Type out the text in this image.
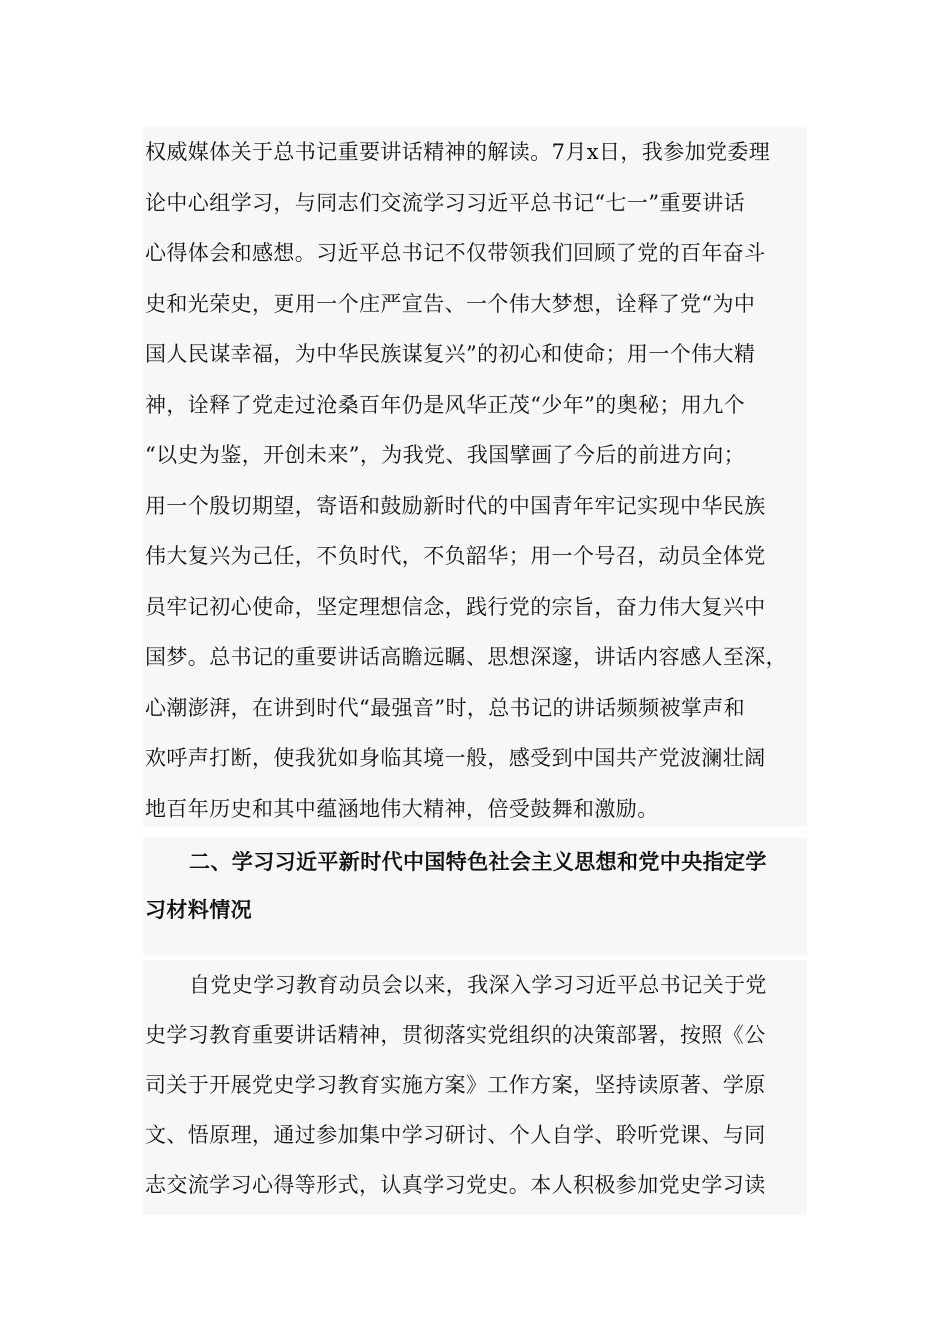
权威媒体关于总书记重要讲话精神的解读。7月x日，我参加党委理
论中心组学习，与同志们交流学习习近平总书记“七一”重要讲话
心得体会和感想。习近平总书记不仅带领我们回顾了党的百年奋斗
史和光荣史，更用一个庄严宣告、一个伟大梦想，诠释了党“为中
国人民谋幸福，为中华民族谋复兴”的初心和使命；用一个伟大精
神，诠释了党走过沧桑百年仍是风华正茂“少年”的奥秘；用九个
“以史为鉴，开创未来”，为我党、我国擘画了今后的前进方向；
用一个殷切期望，寄语和鼓励新时代的中国青年牢记实现中华民族
伟大复兴为己任，不负时代，不负韶华；用一个号召，动员全体党
员牢记初心使命，坚定理想信念，践行党的宗旨，奋力伟大复兴中
国梦。总书记的重要讲话高瞻远瞩、思想深邃，讲话内容感人至深，
心潮澎湃，在讲到时代“最强音”时，总书记的讲话频频被掌声和
欢呼声打断，使我犹如身临其境一般，感受到中国共产党波澜壮阔
地百年历史和其中蕴涵地伟大精神，倍受鼓舞和激励。
二、学习习近平新时代中国特色社会主义思想和党中央指定学
习材料情况
自党史学习教育动员会以来，我深入学习习近平总书记关于党
史学习教育重要讲话精神，贯彻落实党组织的决策部署，按照《公
司关于开展党史学习教育实施方案》工作方案，坚持读原著、学原
文、悟原理，通过参加集中学习研讨、个人自学、聆听党课、与同
志交流学习心得等形式，认真学习党史。本人积极参加党史学习读
